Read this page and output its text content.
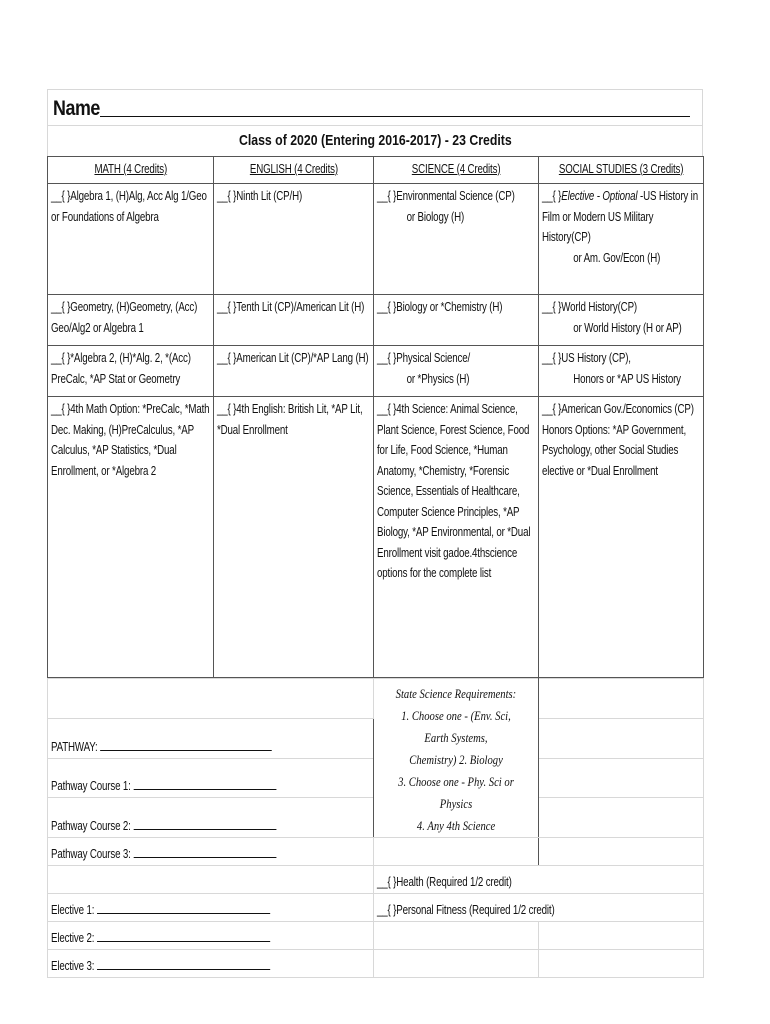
Name
Class of 2020 (Entering 2016-2017) - 23 Credits
MATH (4 Credits)	ENGLISH (4 Credits)	SCIENCE (4 Credits)	SOCIAL STUDIES (3 Credits)
__{ }Algebra 1, (H)Alg, Acc Alg 1/Geo or Foundations of Algebra	__{ }Ninth Lit (CP/H)	__{ }Environmental Science (CP)
or Biology (H)	__{ }Elective - Optional -US History in Film or Modern US Military History(CP)
or Am. Gov/Econ (H)

__{ }Geometry, (H)Geometry, (Acc) Geo/Alg2 or Algebra 1	__{ }Tenth Lit (CP)/American Lit (H)	__{ }Biology or *Chemistry (H)	__{ }World History(CP)
or World History (H or AP)

__{ }*Algebra 2, (H)*Alg. 2, *(Acc) PreCalc, *AP Stat or Geometry	__{ }American Lit (CP)/*AP Lang (H)	__{ }Physical Science/
or *Physics (H)	__{ }US History (CP),
Honors or *AP US History

__{ }4th Math Option: *PreCalc, *Math Dec. Making, (H)PreCalculus, *AP Calculus, *AP Statistics, *Dual Enrollment, or *Algebra 2	__{ }4th English: British Lit, *AP Lit, *Dual Enrollment	__{ }4th Science: Animal Science, Plant Science, Forest Science, Food for Life, Food Science, *Human Anatomy, *Chemistry, *Forensic Science, Essentials of Healthcare, Computer Science Principles, *AP Biology, *AP Environmental, or *Dual Enrollment visit gadoe.4thscience options for the complete list	__{ }American Gov./Economics (CP) Honors Options: *AP Government, Psychology, other Social Studies elective or *Dual Enrollment
	State Science Requirements:
1. Choose one - (Env. Sci, Earth Systems,
Chemistry) 2. Biology
3. Choose one - Phy. Sci or Physics
4. Any 4th Science	
PATHWAY:		
Pathway Course 1:		
Pathway Course 2:		
Pathway Course 3:		
	__{ }Health (Required 1/2 credit)	
Elective 1:	__{ }Personal Fitness (Required 1/2 credit)	
Elective 2:		
Elective 3:		
